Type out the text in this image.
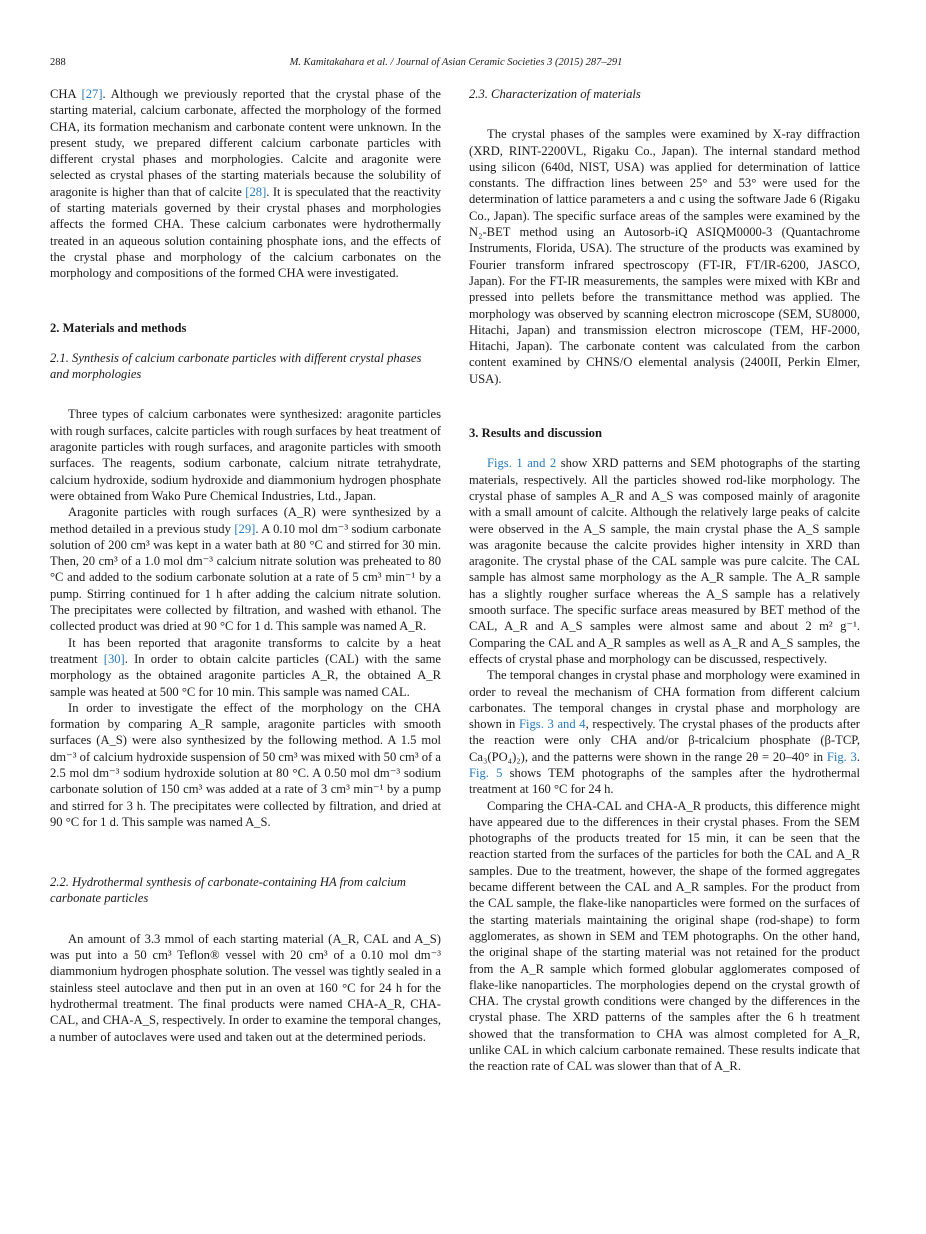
288	M. Kamitakahara et al. / Journal of Asian Ceramic Societies 3 (2015) 287–291

CHA [27]. Although we previously reported that the crystal phase of the starting material, calcium carbonate, affected the morphology of the formed CHA, its formation mechanism and carbonate content were unknown. In the present study, we prepared different calcium carbonate particles with different crystal phases and morphologies. Calcite and aragonite were selected as crystal phases of the starting materials because the solubility of aragonite is higher than that of calcite [28]. It is speculated that the reactivity of starting materials governed by their crystal phases and morphologies affects the formed CHA. These calcium carbonates were hydrothermally treated in an aqueous solution containing phosphate ions, and the effects of the crystal phase and morphology of the calcium carbonates on the morphology and compositions of the formed CHA were investigated.

2. Materials and methods
2.1. Synthesis of calcium carbonate particles with different crystal phases and morphologies

Three types of calcium carbonates were synthesized: aragonite particles with rough surfaces, calcite particles with rough surfaces by heat treatment of aragonite particles with rough surfaces, and aragonite particles with smooth surfaces. The reagents, sodium carbonate, calcium nitrate tetrahydrate, calcium hydroxide, sodium hydroxide and diammonium hydrogen phosphate were obtained from Wako Pure Chemical Industries, Ltd., Japan.

Aragonite particles with rough surfaces (A_R) were synthesized by a method detailed in a previous study [29]. A 0.10 mol dm⁻³ sodium carbonate solution of 200 cm³ was kept in a water bath at 80 °C and stirred for 30 min. Then, 20 cm³ of a 1.0 mol dm⁻³ calcium nitrate solution was preheated to 80 °C and added to the sodium carbonate solution at a rate of 5 cm³ min⁻¹ by a pump. Stirring continued for 1 h after adding the calcium nitrate solution. The precipitates were collected by filtration, and washed with ethanol. The collected product was dried at 90 °C for 1 d. This sample was named A_R.

It has been reported that aragonite transforms to calcite by a heat treatment [30]. In order to obtain calcite particles (CAL) with the same morphology as the obtained aragonite particles A_R, the obtained A_R sample was heated at 500 °C for 10 min. This sample was named CAL.

In order to investigate the effect of the morphology on the CHA formation by comparing A_R sample, aragonite particles with smooth surfaces (A_S) were also synthesized by the following method. A 1.5 mol dm⁻³ of calcium hydroxide suspension of 50 cm³ was mixed with 50 cm³ of a 2.5 mol dm⁻³ sodium hydroxide solution at 80 °C. A 0.50 mol dm⁻³ sodium carbonate solution of 150 cm³ was added at a rate of 3 cm³ min⁻¹ by a pump and stirred for 3 h. The precipitates were collected by filtration, and dried at 90 °C for 1 d. This sample was named A_S.

2.2. Hydrothermal synthesis of carbonate-containing HA from calcium carbonate particles

An amount of 3.3 mmol of each starting material (A_R, CAL and A_S) was put into a 50 cm³ Teflon® vessel with 20 cm³ of a 0.10 mol dm⁻³ diammonium hydrogen phosphate solution. The vessel was tightly sealed in a stainless steel autoclave and then put in an oven at 160 °C for 24 h for the hydrothermal treatment. The final products were named CHA-A_R, CHA-CAL, and CHA-A_S, respectively. In order to examine the temporal changes, a number of autoclaves were used and taken out at the determined periods.

2.3. Characterization of materials

The crystal phases of the samples were examined by X-ray diffraction (XRD, RINT-2200VL, Rigaku Co., Japan). The internal standard method using silicon (640d, NIST, USA) was applied for determination of lattice constants. The diffraction lines between 25° and 53° were used for the determination of lattice parameters a and c using the software Jade 6 (Rigaku Co., Japan). The specific surface areas of the samples were examined by the N₂-BET method using an Autosorb-iQ ASIQM0000-3 (Quantachrome Instruments, Florida, USA). The structure of the products was examined by Fourier transform infrared spectroscopy (FT-IR, FT/IR-6200, JASCO, Japan). For the FT-IR measurements, the samples were mixed with KBr and pressed into pellets before the transmittance method was applied. The morphology was observed by scanning electron microscope (SEM, SU8000, Hitachi, Japan) and transmission electron microscope (TEM, HF-2000, Hitachi, Japan). The carbonate content was calculated from the carbon content examined by CHNS/O elemental analysis (2400II, Perkin Elmer, USA).

3. Results and discussion

Figs. 1 and 2 show XRD patterns and SEM photographs of the starting materials, respectively. All the particles showed rod-like morphology. The crystal phase of samples A_R and A_S was composed mainly of aragonite with a small amount of calcite. Although the relatively large peaks of calcite were observed in the A_S sample, the main crystal phase the A_S sample was aragonite because the calcite provides higher intensity in XRD than aragonite. The crystal phase of the CAL sample was pure calcite. The CAL sample has almost same morphology as the A_R sample. The A_R sample has a slightly rougher surface whereas the A_S sample has a relatively smooth surface. The specific surface areas measured by BET method of the CAL, A_R and A_S samples were almost same and about 2 m² g⁻¹. Comparing the CAL and A_R samples as well as A_R and A_S samples, the effects of crystal phase and morphology can be discussed, respectively.

The temporal changes in crystal phase and morphology were examined in order to reveal the mechanism of CHA formation from different calcium carbonates. The temporal changes in crystal phase and morphology are shown in Figs. 3 and 4, respectively. The crystal phases of the products after the reaction were only CHA and/or β-tricalcium phosphate (β-TCP, Ca₃(PO₄)₂), and the patterns were shown in the range 2θ = 20–40° in Fig. 3. Fig. 5 shows TEM photographs of the samples after the hydrothermal treatment at 160 °C for 24 h.

Comparing the CHA-CAL and CHA-A_R products, this difference might have appeared due to the differences in their crystal phases. From the SEM photographs of the products treated for 15 min, it can be seen that the reaction started from the surfaces of the particles for both the CAL and A_R samples. Due to the treatment, however, the shape of the formed aggregates became different between the CAL and A_R samples. For the product from the CAL sample, the flake-like nanoparticles were formed on the surfaces of the starting materials maintaining the original shape (rod-shape) to form agglomerates, as shown in SEM and TEM photographs. On the other hand, the original shape of the starting material was not retained for the product from the A_R sample which formed globular agglomerates composed of flake-like nanoparticles. The morphologies depend on the crystal growth of CHA. The crystal growth conditions were changed by the differences in the crystal phase. The XRD patterns of the samples after the 6 h treatment showed that the transformation to CHA was almost completed for A_R, unlike CAL in which calcium carbonate remained. These results indicate that the reaction rate of CAL was slower than that of A_R.
